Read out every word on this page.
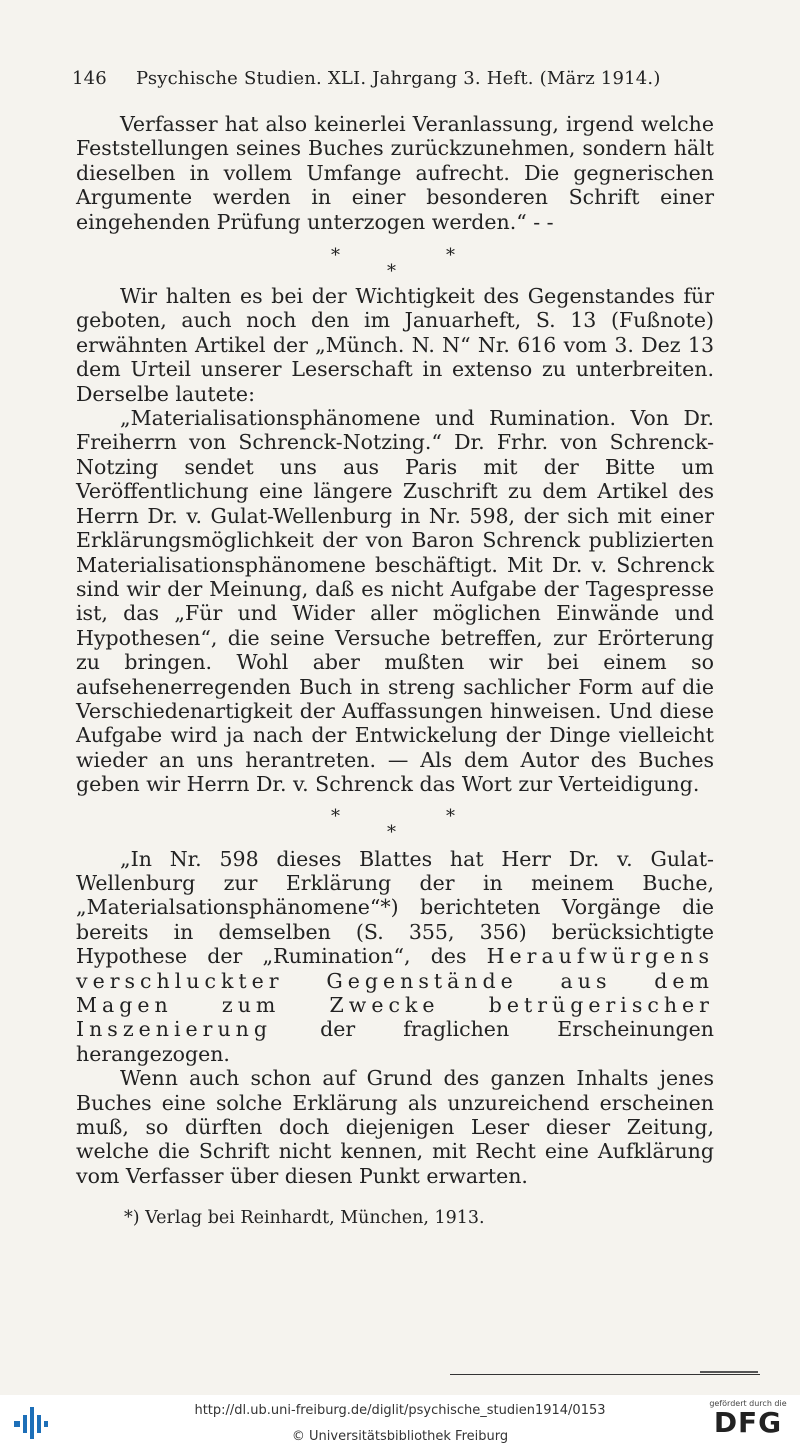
146 Psychische Studien. XLI. Jahrgang 3. Heft. (März 1914.)

Verfasser hat also keinerlei Veranlassung, irgend welche Feststellungen seines Buches zurückzunehmen, sondern hält dieselben in vollem Umfange aufrecht. Die gegnerischen Argumente werden in einer besonderen Schrift einer eingehenden Prüfung unterzogen werden.“ - -

*
*
*

Wir halten es bei der Wichtigkeit des Gegenstandes für geboten, auch noch den im Januarheft, S. 13 (Fußnote) erwähnten Artikel der „Münch. N. N“ Nr. 616 vom 3. Dez 13 dem Urteil unserer Leserschaft in extenso zu unterbreiten. Derselbe lautete:

„Materialisationsphänomene und Rumination. Von Dr. Freiherrn von Schrenck-Notzing.“ Dr. Frhr. von Schrenck-Notzing sendet uns aus Paris mit der Bitte um Veröffentlichung eine längere Zuschrift zu dem Artikel des Herrn Dr. v. Gulat-Wellenburg in Nr. 598, der sich mit einer Erklärungsmöglichkeit der von Baron Schrenck publizierten Materialisationsphänomene beschäftigt. Mit Dr. v. Schrenck sind wir der Meinung, daß es nicht Aufgabe der Tagespresse ist, das „Für und Wider aller möglichen Einwände und Hypothesen“, die seine Versuche betreffen, zur Erörterung zu bringen. Wohl aber mußten wir bei einem so aufsehenerregenden Buch in streng sachlicher Form auf die Verschiedenartigkeit der Auffassungen hinweisen. Und diese Aufgabe wird ja nach der Entwickelung der Dinge vielleicht wieder an uns herantreten. — Als dem Autor des Buches geben wir Herrn Dr. v. Schrenck das Wort zur Verteidigung.

*
*
*

„In Nr. 598 dieses Blattes hat Herr Dr. v. Gulat-Wellenburg zur Erklärung der in meinem Buche, „Materialsationsphänomene“*) berichteten Vorgänge die bereits in demselben (S. 355, 356) berücksichtigte Hypothese der „Rumination“, des Heraufwürgens verschluckter Gegenstände aus dem Magen zum Zwecke betrügerischer Inszenierung der fraglichen Erscheinungen herangezogen.

Wenn auch schon auf Grund des ganzen Inhalts jenes Buches eine solche Erklärung als unzureichend erscheinen muß, so dürften doch diejenigen Leser dieser Zeitung, welche die Schrift nicht kennen, mit Recht eine Aufklärung vom Verfasser über diesen Punkt erwarten.

*) Verlag bei Reinhardt, München, 1913.
http://dl.ub.uni-freiburg.de/diglit/psychische_studien1914/0153
© Universitätsbibliothek Freiburg
gefördert durch die
DFG
